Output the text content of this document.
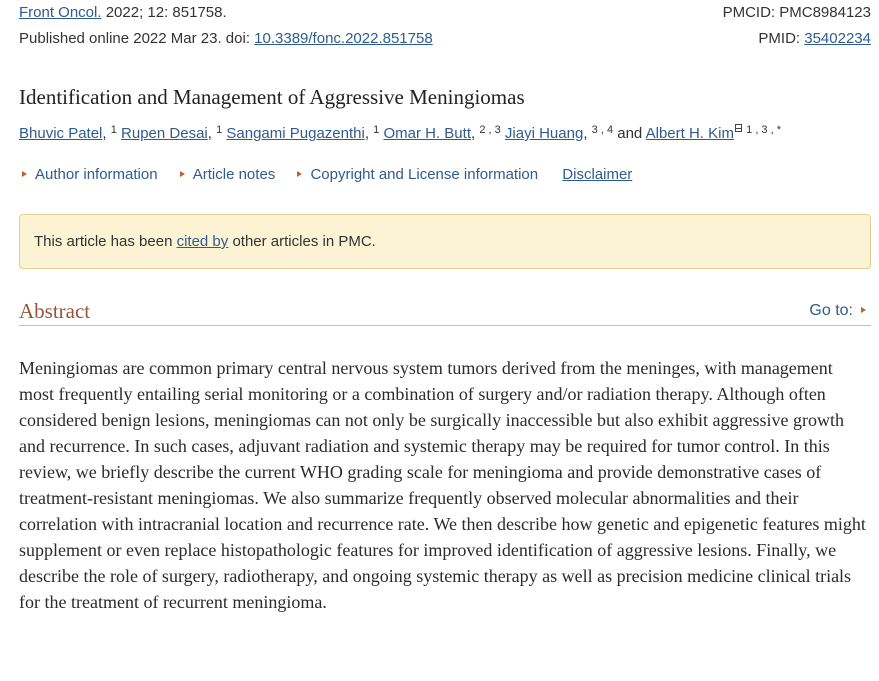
Front Oncol. 2022; 12: 851758.	PMCID: PMC8984123
Published online 2022 Mar 23. doi: 10.3389/fonc.2022.851758	PMID: 35402234
Identification and Management of Aggressive Meningiomas
Bhuvic Patel, $^1$ Rupen Desai, $^1$ Sangami Pugazenthi, $^1$ Omar H. Butt, $^{2 , 3}$ Jiayi Huang, $^{3 , 4}$ and Albert H. Kim $^{1 , 3 , *}$
Author information Article notes Copyright and License information Disclaimer
This article has been cited by other articles in PMC.
Abstract	Go to:

Meningiomas are common primary central nervous system tumors derived from the meninges, with management most frequently entailing serial monitoring or a combination of surgery and/or radiation therapy. Although often considered benign lesions, meningiomas can not only be surgically inaccessible but also exhibit aggressive growth and recurrence. In such cases, adjuvant radiation and systemic therapy may be required for tumor control. In this review, we briefly describe the current WHO grading scale for meningioma and provide demonstrative cases of treatment-resistant meningiomas. We also summarize frequently observed molecular abnormalities and their correlation with intracranial location and recurrence rate. We then describe how genetic and epigenetic features might supplement or even replace histopathologic features for improved identification of aggressive lesions. Finally, we describe the role of surgery, radiotherapy, and ongoing systemic therapy as well as precision medicine clinical trials for the treatment of recurrent meningioma.
